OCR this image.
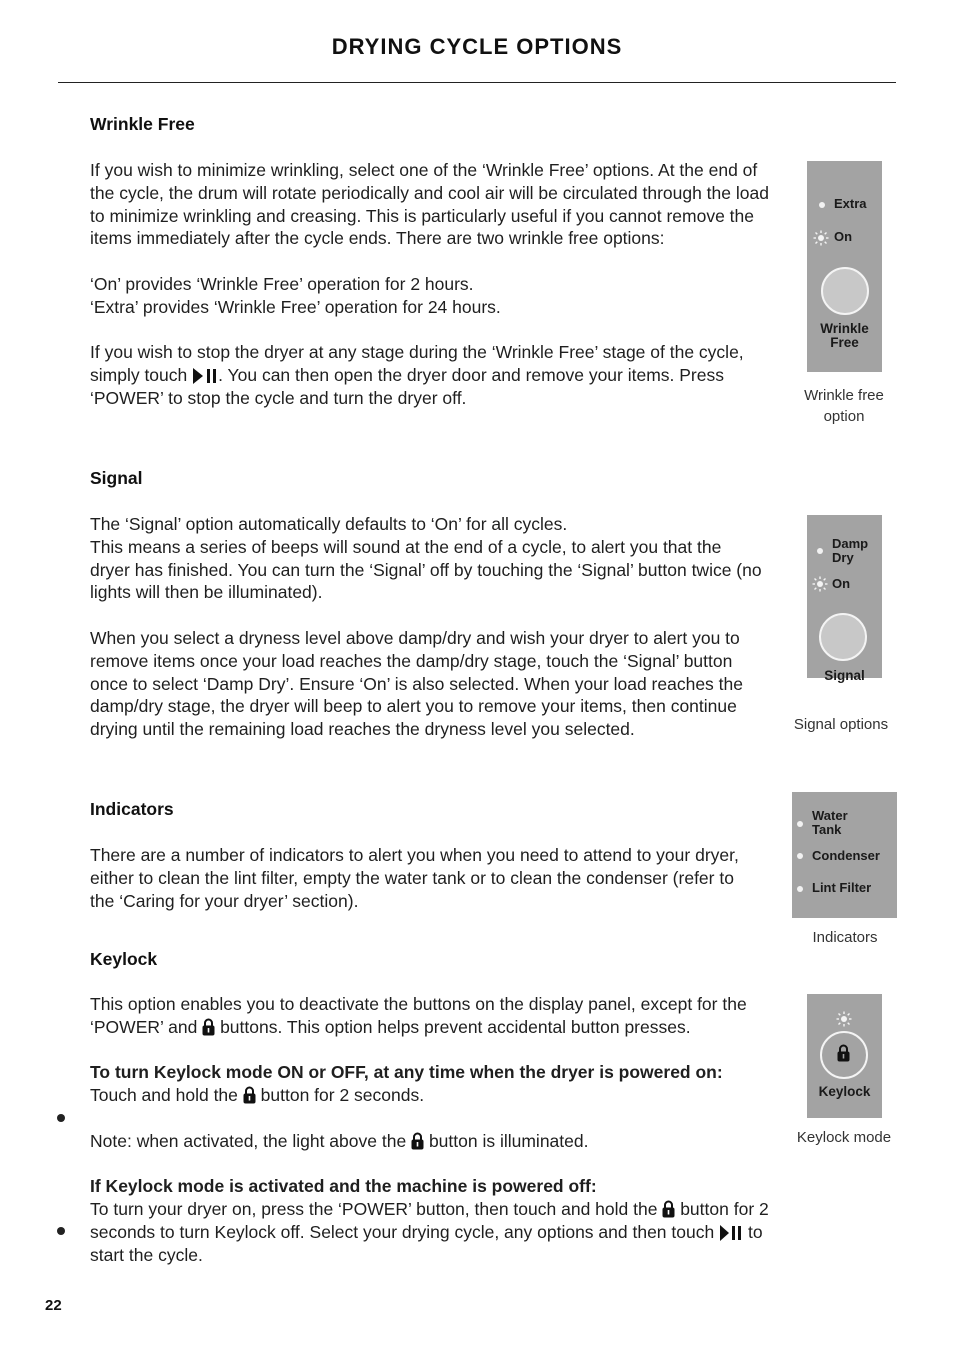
DRYING CYCLE OPTIONS
Wrinkle Free

If you wish to minimize wrinkling, select one of the ‘Wrinkle Free’ options. At the end of the cycle, the drum will rotate periodically and cool air will be circulated through the load to minimize wrinkling and creasing. This is particularly useful if you cannot remove the items immediately after the cycle ends. There are two wrinkle free options:

‘On’ provides ‘Wrinkle Free’ operation for 2 hours.

‘Extra’ provides ‘Wrinkle Free’ operation for 24 hours.

If you wish to stop the dryer at any stage during the ‘Wrinkle Free’ stage of the cycle, simply touch . You can then open the dryer door and remove your items. Press ‘POWER’ to stop the cycle and turn the dryer off.

Extra
On
Wrinkle
Free
Wrinkle free
option
Signal

The ‘Signal’ option automatically defaults to ‘On’ for all cycles.

This means a series of beeps will sound at the end of a cycle, to alert you that the dryer has finished. You can turn the ‘Signal’ off by touching the ‘Signal’ button twice (no lights will then be illuminated).

When you select a dryness level above damp/dry and wish your dryer to alert you to remove items once your load reaches the damp/dry stage, touch the ‘Signal’ button once to select ‘Damp Dry’. Ensure ‘On’ is also selected. When your load reaches the damp/dry stage, the dryer will beep to alert you to remove your items, then continue drying until the remaining load reaches the dryness level you selected.

Damp
Dry
On
Signal
Signal options
Indicators

There are a number of indicators to alert you when you need to attend to your dryer, either to clean the lint filter, empty the water tank or to clean the condenser (refer to the ‘Caring for your dryer’ section).

Water
Tank
Condenser
Lint Filter
Indicators
Keylock

This option enables you to deactivate the buttons on the display panel, except for the ‘POWER’ and buttons. This option helps prevent accidental button presses.

To turn Keylock mode ON or OFF, at any time when the dryer is powered on:

Touch and hold the button for 2 seconds.

Note: when activated, the light above the button is illuminated.

If Keylock mode is activated and the machine is powered off:

To turn your dryer on, press the ‘POWER’ button, then touch and hold the button for 2 seconds to turn Keylock off. Select your drying cycle, any options and then touch to start the cycle.

Keylock
Keylock mode
22
